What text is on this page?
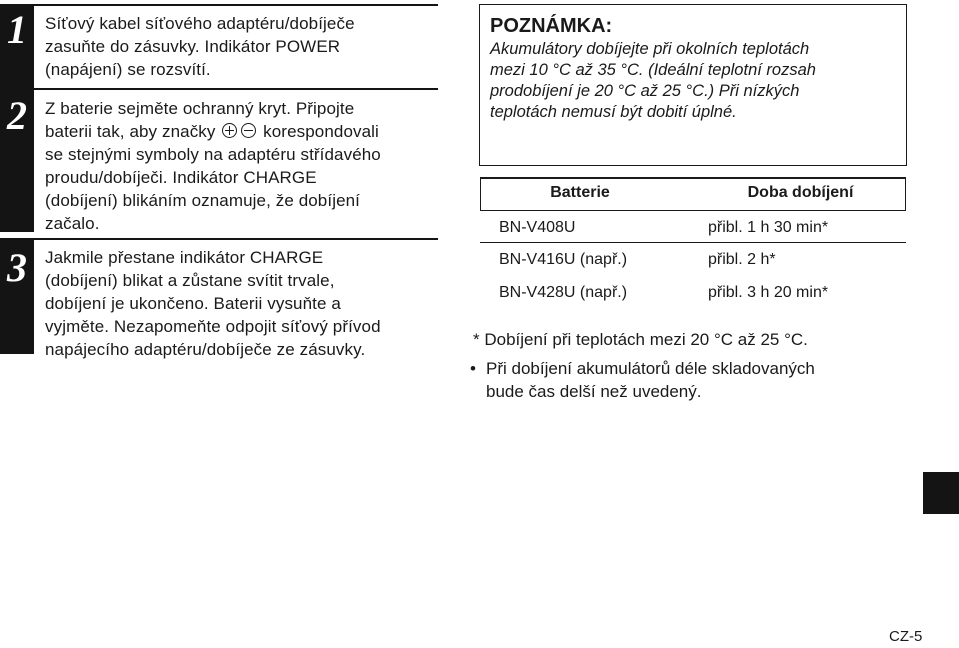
1	Síťový kabel síťového adaptéru/dobíječe

zasuňte do zásuvky. Indikátor POWER

(napájení) se rozsvítí.

2	Z baterie sejměte ochranný kryt. Připojte

baterii tak, aby značky	korespondovali

se stejnými symboly na adaptéru střídavého

proudu/dobíječi. Indikátor CHARGE

(dobíjení) blikáním oznamuje, že dobíjení

začalo.

3	Jakmile přestane indikátor CHARGE

(dobíjení) blikat a zůstane svítit trvale,

dobíjení je ukončeno. Baterii vysuňte a

vyjměte. Nezapomeňte odpojit síťový přívod

napájecího adaptéru/dobíječe ze zásuvky.

POZNÁMKA:

Akumulátory dobíjejte při okolních teplotách

mezi 10 °C až 35 °C. (Ideální teplotní rozsah

prodobíjení je 20 °C až 25 °C.) Při nízkých

teplotách nemusí být dobití úplné.

Batterie	Doba dobíjení
BN-V408U	přibl. 1 h 30 min*
BN-V416U (např.)	přibl. 2 h*
BN-V428U (např.)	přibl. 3 h 20 min*
* Dobíjení při teplotách mezi 20 °C až 25 °C.
• Při dobíjení akumulátorů déle skladovaných
bude čas delší než uvedený.
CZ-5
